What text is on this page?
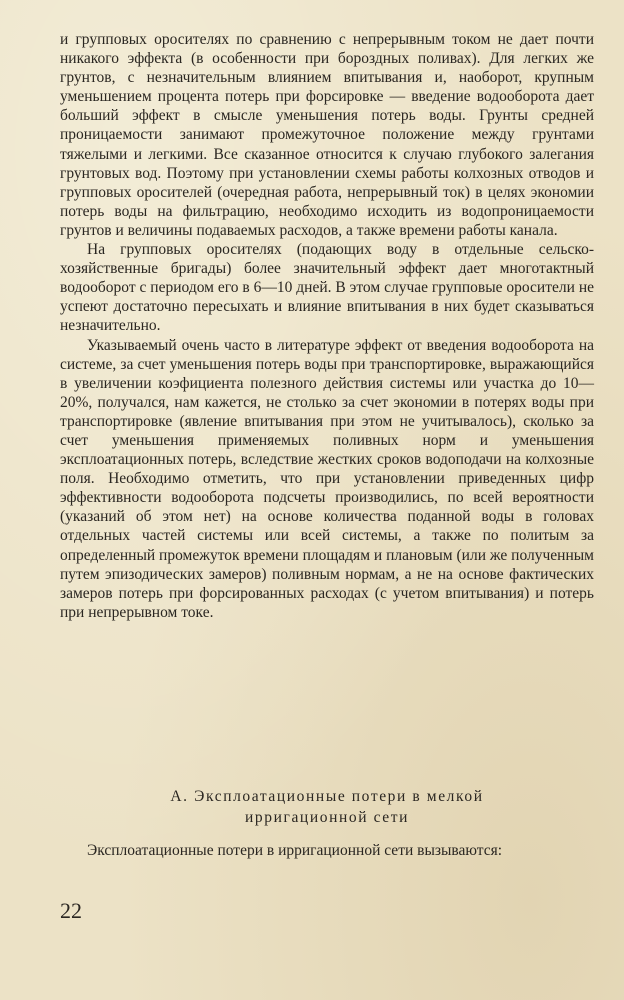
и групповых оросителях по сравнению с непрерывным током не дает почти никакого эффекта (в особенности при бороздных поливах). Для легких же грунтов, с незначительным влиянием впитывания и, наоборот, крупным уменьшением процента потерь при форсировке — введение водооборота дает больший эффект в смысле уменьшения потерь воды. Грунты средней проницаемости занимают промежуточное положение между грунтами тяжелыми и легкими. Все сказанное относится к случаю глубокого залегания грунтовых вод. Поэтому при установлении схемы работы колхозных отводов и групповых оросителей (очередная работа, непрерывный ток) в целях экономии потерь воды на фильтрацию, необходимо исходить из водопроницаемости грунтов и величины подаваемых расходов, а также времени работы канала.

На групповых оросителях (подающих воду в отдельные сельско-хозяйственные бригады) более значительный эффект дает многотактный водооборот с периодом его в 6—10 дней. В этом случае групповые оросители не успеют достаточно пересыхать и влияние впитывания в них будет сказываться незначительно.

Указываемый очень часто в литературе эффект от введения водооборота на системе, за счет уменьшения потерь воды при транспортировке, выражающийся в увеличении коэфициента полезного действия системы или участка до 10—20%, получался, нам кажется, не столько за счет экономии в потерях воды при транспортировке (явление впитывания при этом не учитывалось), сколько за счет уменьшения применяемых поливных норм и уменьшения эксплоатационных потерь, вследствие жестких сроков водоподачи на колхозные поля. Необходимо отметить, что при установлении приведенных цифр эффективности водооборота подсчеты производились, по всей вероятности (указаний об этом нет) на основе количества поданной воды в головах отдельных частей системы или всей системы, а также по политым за определенный промежуток времени площадям и плановым (или же полученным путем эпизодических замеров) поливным нормам, а не на основе фактических замеров потерь при форсированных расходах (с учетом впитывания) и потерь при непрерывном токе.

А. Эксплоатационные потери в мелкой
ирригационной сети

Эксплоатационные потери в ирригационной сети вызываются:

22
